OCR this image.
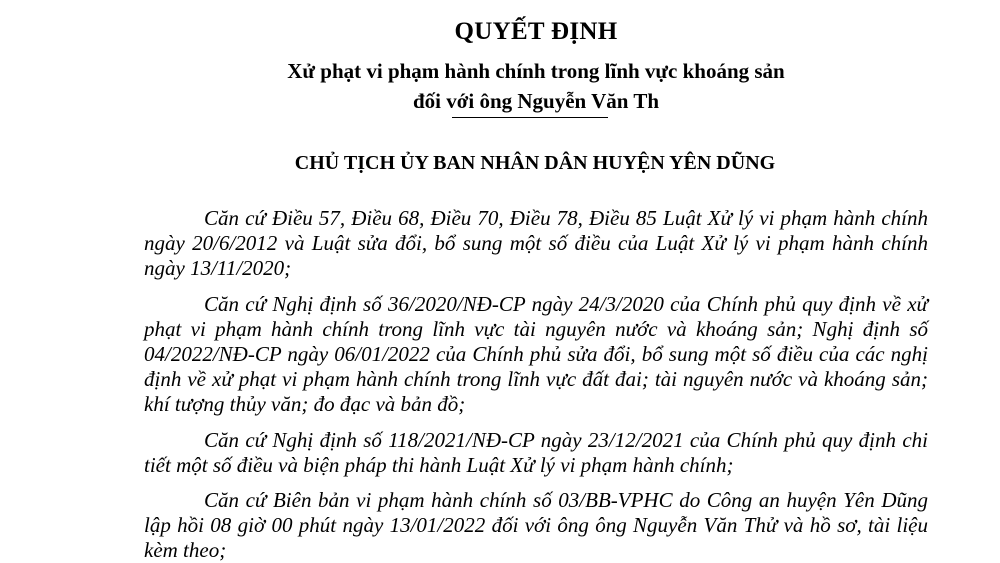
QUYẾT ĐỊNH
Xử phạt vi phạm hành chính trong lĩnh vực khoáng sản
đối với ông Nguyễn Văn Th
CHỦ TỊCH ỦY BAN NHÂN DÂN HUYỆN YÊN DŨNG

Căn cứ Điều 57, Điều 68, Điều 70, Điều 78, Điều 85 Luật Xử lý vi phạm hành chính ngày 20/6/2012 và Luật sửa đổi, bổ sung một số điều của Luật Xử lý vi phạm hành chính ngày 13/11/2020;

Căn cứ Nghị định số 36/2020/NĐ-CP ngày 24/3/2020 của Chính phủ quy định về xử phạt vi phạm hành chính trong lĩnh vực tài nguyên nước và khoáng sản; Nghị định số 04/2022/NĐ-CP ngày 06/01/2022 của Chính phủ sửa đổi, bổ sung một số điều của các nghị định về xử phạt vi phạm hành chính trong lĩnh vực đất đai; tài nguyên nước và khoáng sản; khí tượng thủy văn; đo đạc và bản đồ;

Căn cứ Nghị định số 118/2021/NĐ-CP ngày 23/12/2021 của Chính phủ quy định chi tiết một số điều và biện pháp thi hành Luật Xử lý vi phạm hành chính;

Căn cứ Biên bản vi phạm hành chính số 03/BB-VPHC do Công an huyện Yên Dũng lập hồi 08 giờ 00 phút ngày 13/01/2022 đối với ông ông Nguyễn Văn Thử và hồ sơ, tài liệu kèm theo;
